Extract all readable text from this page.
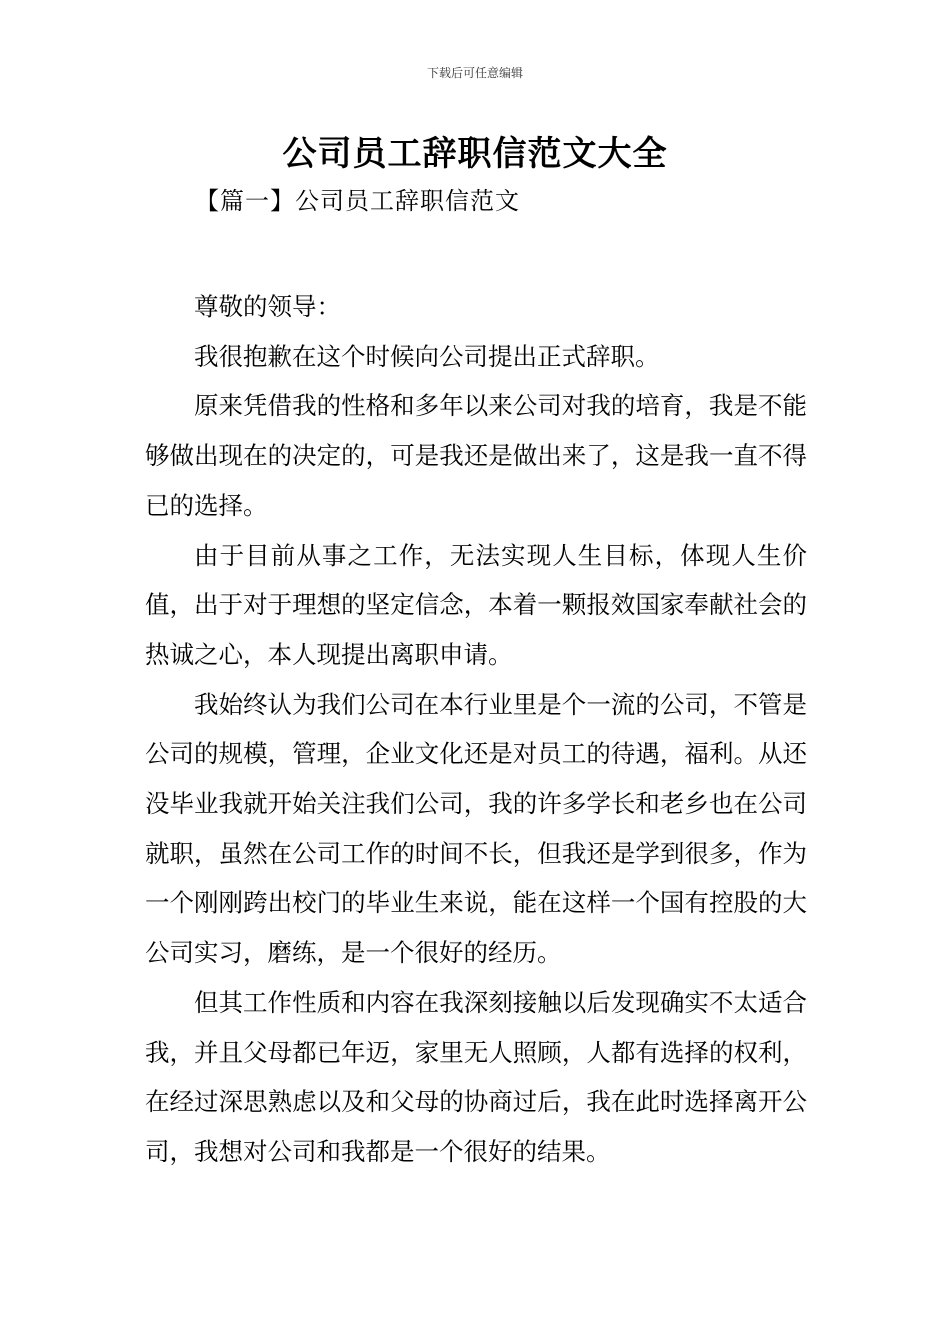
下载后可任意编辑
公司员工辞职信范文大全
【篇一】公司员工辞职信范文

尊敬的领导：

我很抱歉在这个时候向公司提出正式辞职。

原来凭借我的性格和多年以来公司对我的培育，我是不能够做出现在的决定的，可是我还是做出来了，这是我一直不得已的选择。

由于目前从事之工作，无法实现人生目标，体现人生价值，出于对于理想的坚定信念，本着一颗报效国家奉献社会的热诚之心，本人现提出离职申请。

我始终认为我们公司在本行业里是个一流的公司，不管是公司的规模，管理，企业文化还是对员工的待遇，福利。从还没毕业我就开始关注我们公司，我的许多学长和老乡也在公司就职，虽然在公司工作的时间不长，但我还是学到很多，作为一个刚刚跨出校门的毕业生来说，能在这样一个国有控股的大公司实习，磨练，是一个很好的经历。

但其工作性质和内容在我深刻接触以后发现确实不太适合我，并且父母都已年迈，家里无人照顾，人都有选择的权利，在经过深思熟虑以及和父母的协商过后，我在此时选择离开公司，我想对公司和我都是一个很好的结果。
